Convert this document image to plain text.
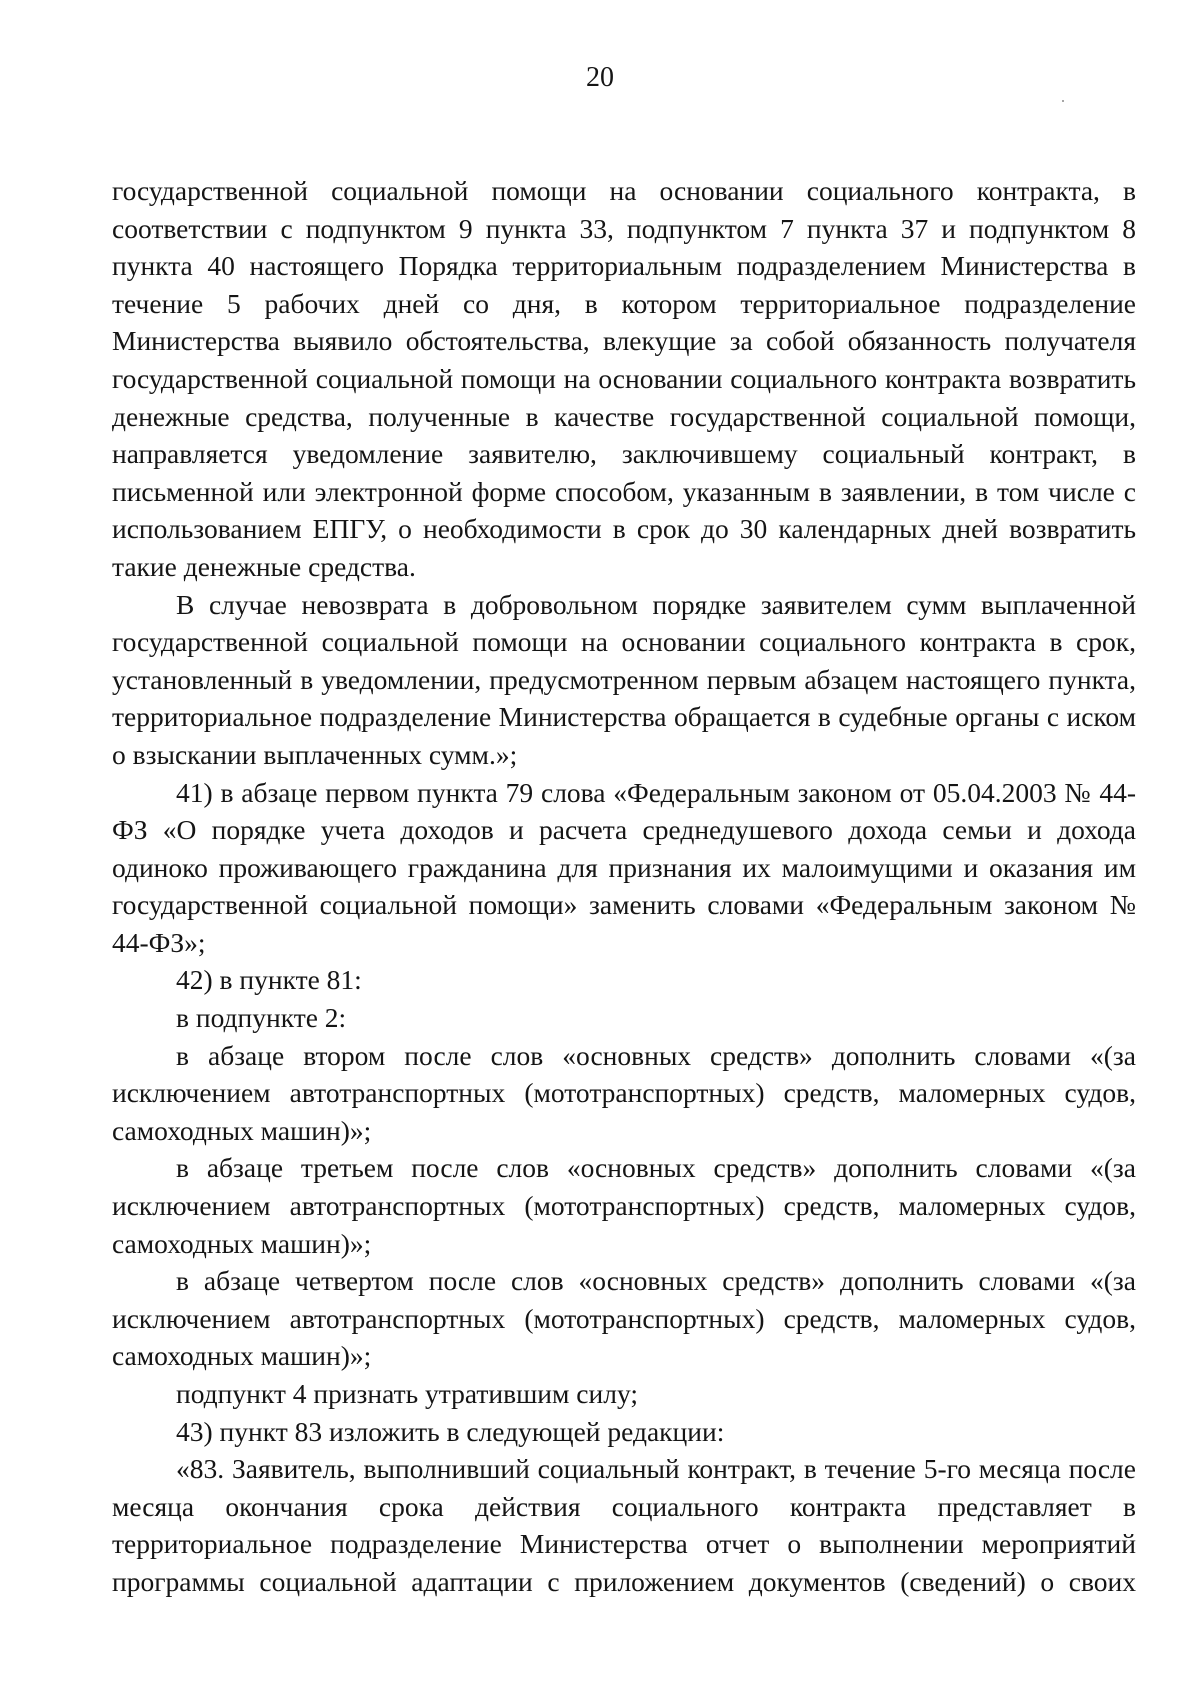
20

государственной социальной помощи на основании социального контракта, в соответствии с подпунктом 9 пункта 33, подпунктом 7 пункта 37 и подпунктом 8 пункта 40 настоящего Порядка территориальным подразделением Министерства в течение 5 рабочих дней со дня, в котором территориальное подразделение Министерства выявило обстоятельства, влекущие за собой обязанность получателя государственной социальной помощи на основании социального контракта возвратить денежные средства, полученные в качестве государственной социальной помощи, направляется уведомление заявителю, заключившему социальный контракт, в письменной или электронной форме способом, указанным в заявлении, в том числе с использованием ЕПГУ, о необходимости в срок до 30 календарных дней возвратить такие денежные средства.

В случае невозврата в добровольном порядке заявителем сумм выплаченной государственной социальной помощи на основании социального контракта в срок, установленный в уведомлении, предусмотренном первым абзацем настоящего пункта, территориальное подразделение Министерства обращается в судебные органы с иском о взыскании выплаченных сумм.»;

41) в абзаце первом пункта 79 слова «Федеральным законом от 05.04.2003 № 44-ФЗ «О порядке учета доходов и расчета среднедушевого дохода семьи и дохода одиноко проживающего гражданина для признания их малоимущими и оказания им государственной социальной помощи» заменить словами «Федеральным законом № 44-ФЗ»;

42) в пункте 81:

в подпункте 2:

в абзаце втором после слов «основных средств» дополнить словами «(за исключением автотранспортных (мототранспортных) средств, маломерных судов, самоходных машин)»;

в абзаце третьем после слов «основных средств» дополнить словами «(за исключением автотранспортных (мототранспортных) средств, маломерных судов, самоходных машин)»;

в абзаце четвертом после слов «основных средств» дополнить словами «(за исключением автотранспортных (мототранспортных) средств, маломерных судов, самоходных машин)»;

подпункт 4 признать утратившим силу;

43) пункт 83 изложить в следующей редакции:

«83. Заявитель, выполнивший социальный контракт, в течение 5-го месяца после месяца окончания срока действия социального контракта представляет в территориальное подразделение Министерства отчет о выполнении мероприятий программы социальной адаптации с приложением документов (сведений) о своих
